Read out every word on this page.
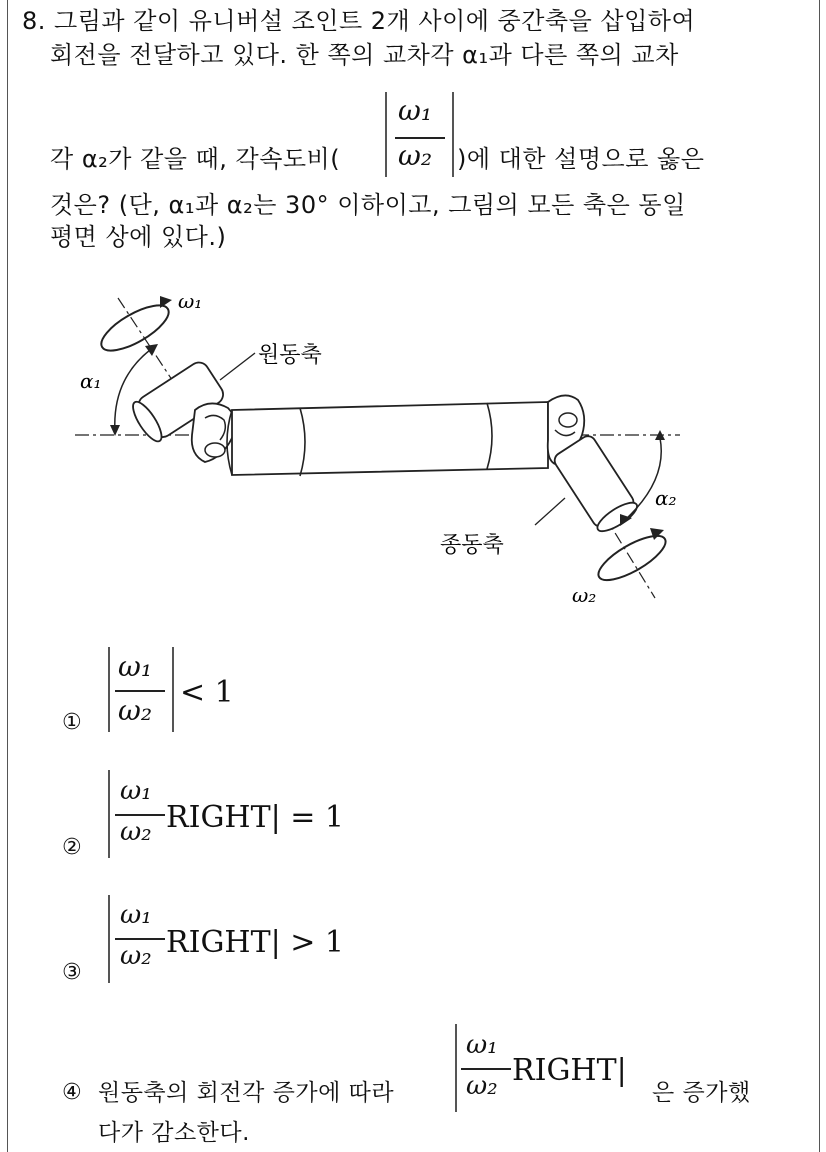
8. 그림과 같이 유니버설 조인트 2개 사이에 중간축을 삽입하여
회전을 전달하고 있다. 한 쪽의 교차각 α₁과 다른 쪽의 교차
ω₁
ω₂
각 α₂가 같을 때, 각속도비(	)에 대한 설명으로 옳은
것은? (단, α₁과 α₂는 30° 이하이고, 그림의 모든 축은 동일
평면 상에 있다.)
ω₁
α₁
원동축
α₂
종동축
ω₂
①
ω₁
ω₂
< 1
②
ω₁
ω₂ RIGHT| = 1
③
ω₁
ω₂ RIGHT| > 1
④ 원동축의 회전각 증가에 따라
ω₁
ω₂ RIGHT|
은 증가했
다가 감소한다.
